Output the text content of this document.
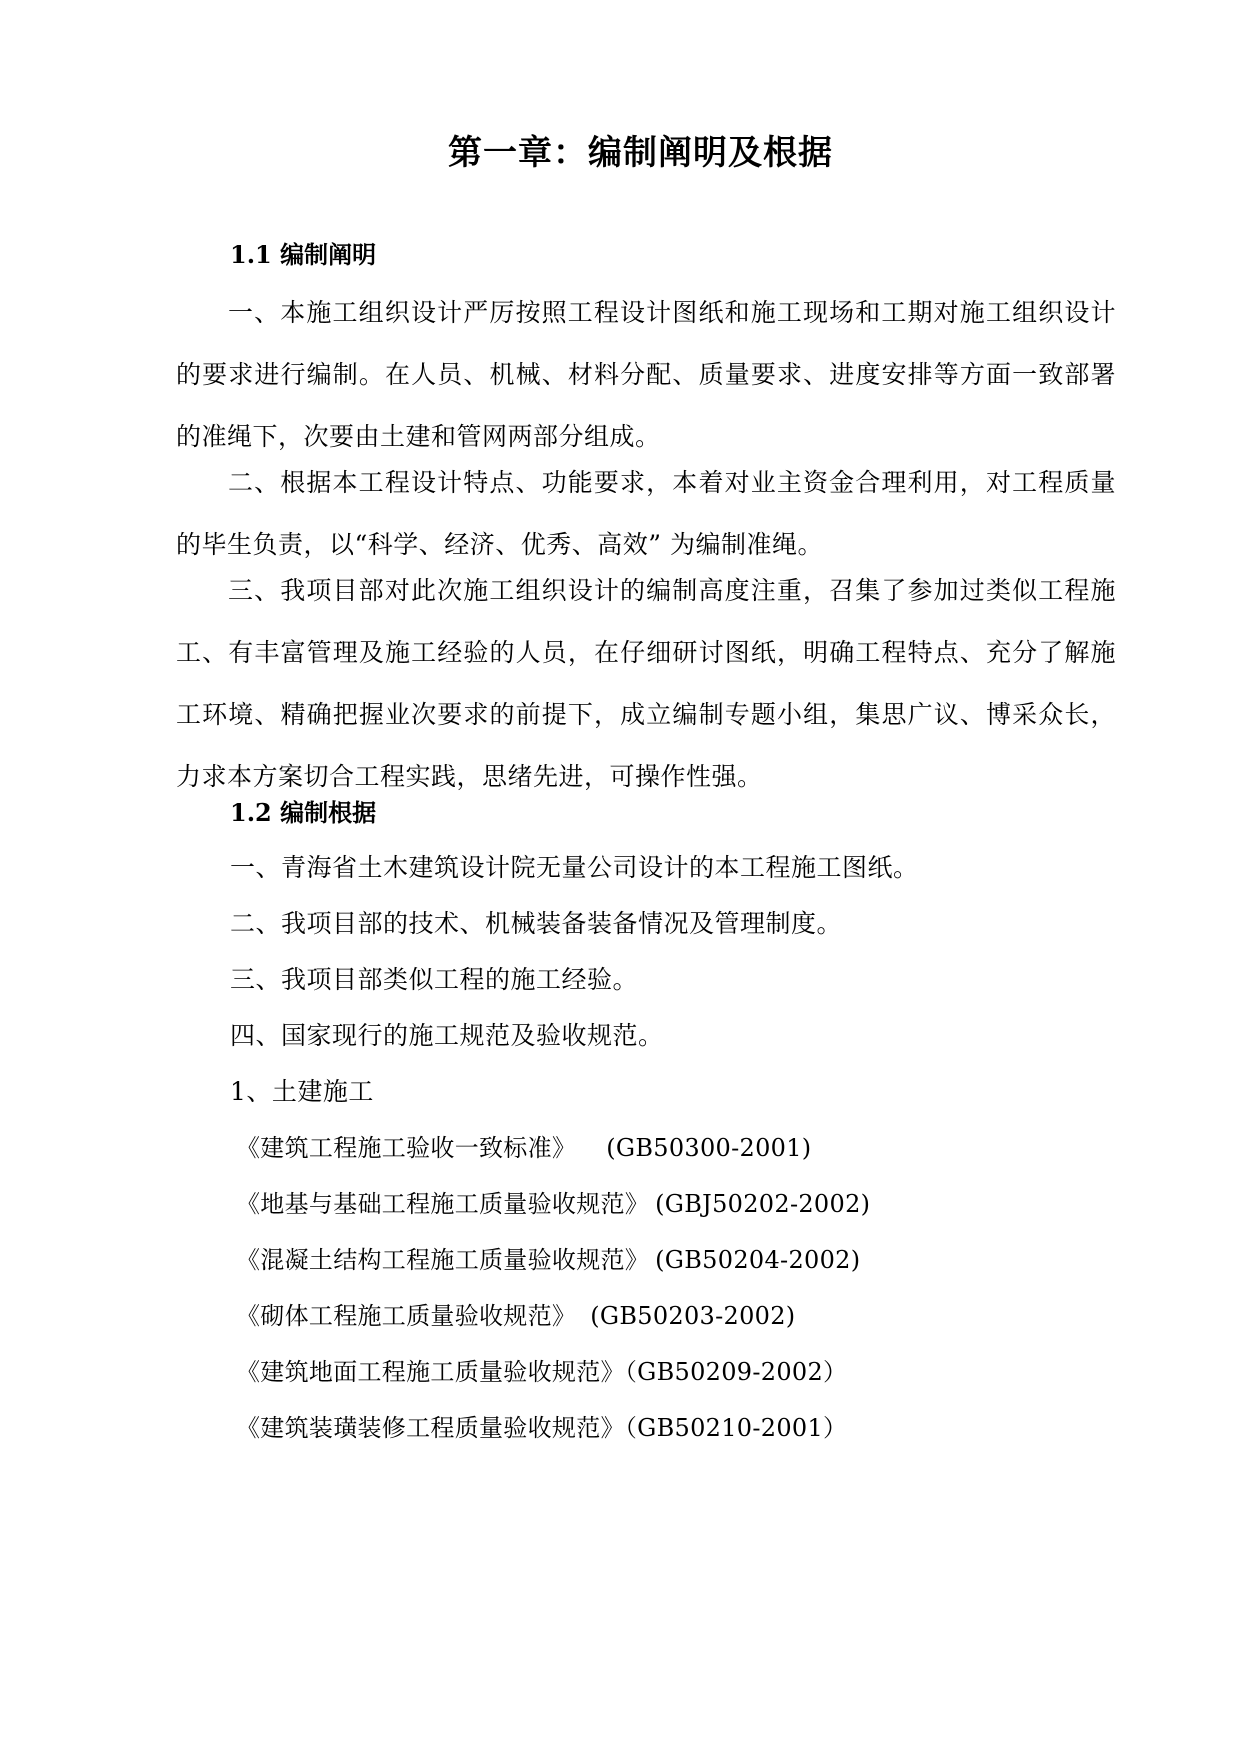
第一章：编制阐明及根据
1.1 编制阐明
一、本施工组织设计严厉按照工程设计图纸和施工现场和工期对施工组织设计的要求进行编制。在人员、机械、材料分配、质量要求、进度安排等方面一致部署的准绳下，次要由土建和管网两部分组成。
二、根据本工程设计特点、功能要求，本着对业主资金合理利用，对工程质量的毕生负责，以“科学、经济、优秀、高效” 为编制准绳。
三、我项目部对此次施工组织设计的编制高度注重，召集了参加过类似工程施工、有丰富管理及施工经验的人员，在仔细研讨图纸，明确工程特点、充分了解施工环境、精确把握业次要求的前提下，成立编制专题小组，集思广议、博采众长，力求本方案切合工程实践，思绪先进，可操作性强。
1.2 编制根据
一、青海省土木建筑设计院无量公司设计的本工程施工图纸。
二、我项目部的技术、机械装备装备情况及管理制度。
三、我项目部类似工程的施工经验。
四、国家现行的施工规范及验收规范。
1、土建施工
《建筑工程施工验收一致标准》 (GB50300-2001)
《地基与基础工程施工质量验收规范》 (GBJ50202-2002)
《混凝土结构工程施工质量验收规范》 (GB50204-2002)
《砌体工程施工质量验收规范》 (GB50203-2002)
《建筑地面工程施工质量验收规范》（GB50209-2002）
《建筑装璜装修工程质量验收规范》（GB50210-2001）
